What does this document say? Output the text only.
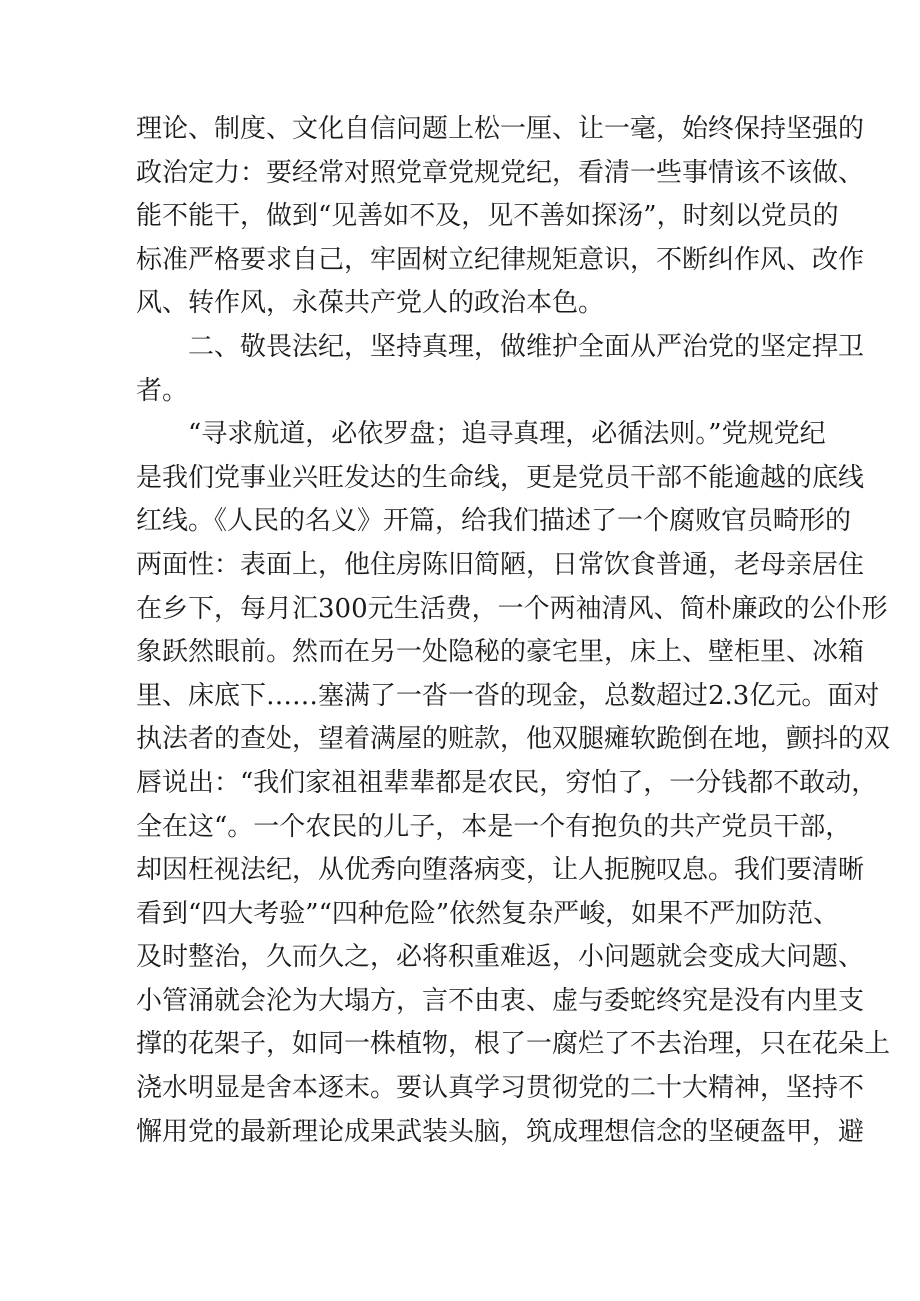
理论、制度、文化自信问题上松一厘、让一毫，始终保持坚强的
政治定力：要经常对照党章党规党纪，看清一些事情该不该做、
能不能干，做到“见善如不及，见不善如探汤”，时刻以党员的
标准严格要求自己，牢固树立纪律规矩意识，不断纠作风、改作
风、转作风，永葆共产党人的政治本色。
二、敬畏法纪，坚持真理，做维护全面从严治党的坚定捍卫
者。
“寻求航道，必依罗盘；追寻真理，必循法则。”党规党纪
是我们党事业兴旺发达的生命线，更是党员干部不能逾越的底线
红线。《人民的名义》开篇，给我们描述了一个腐败官员畸形的
两面性：表面上，他住房陈旧简陋，日常饮食普通，老母亲居住
在乡下，每月汇300元生活费，一个两袖清风、简朴廉政的公仆形
象跃然眼前。然而在另一处隐秘的豪宅里，床上、壁柜里、冰箱
里、床底下……塞满了一沓一沓的现金，总数超过2.3亿元。面对
执法者的查处，望着满屋的赃款，他双腿瘫软跪倒在地，颤抖的双
唇说出：“我们家祖祖辈辈都是农民，穷怕了，一分钱都不敢动，
全在这“。一个农民的儿子，本是一个有抱负的共产党员干部，
却因枉视法纪，从优秀向堕落病变，让人扼腕叹息。我们要清晰
看到“四大考验”“四种危险”依然复杂严峻，如果不严加防范、
及时整治，久而久之，必将积重难返，小问题就会变成大问题、
小管涌就会沦为大塌方，言不由衷、虚与委蛇终究是没有内里支
撑的花架子，如同一株植物，根了一腐烂了不去治理，只在花朵上
浇水明显是舍本逐末。要认真学习贯彻党的二十大精神，坚持不
懈用党的最新理论成果武装头脑，筑成理想信念的坚硬盔甲，避
